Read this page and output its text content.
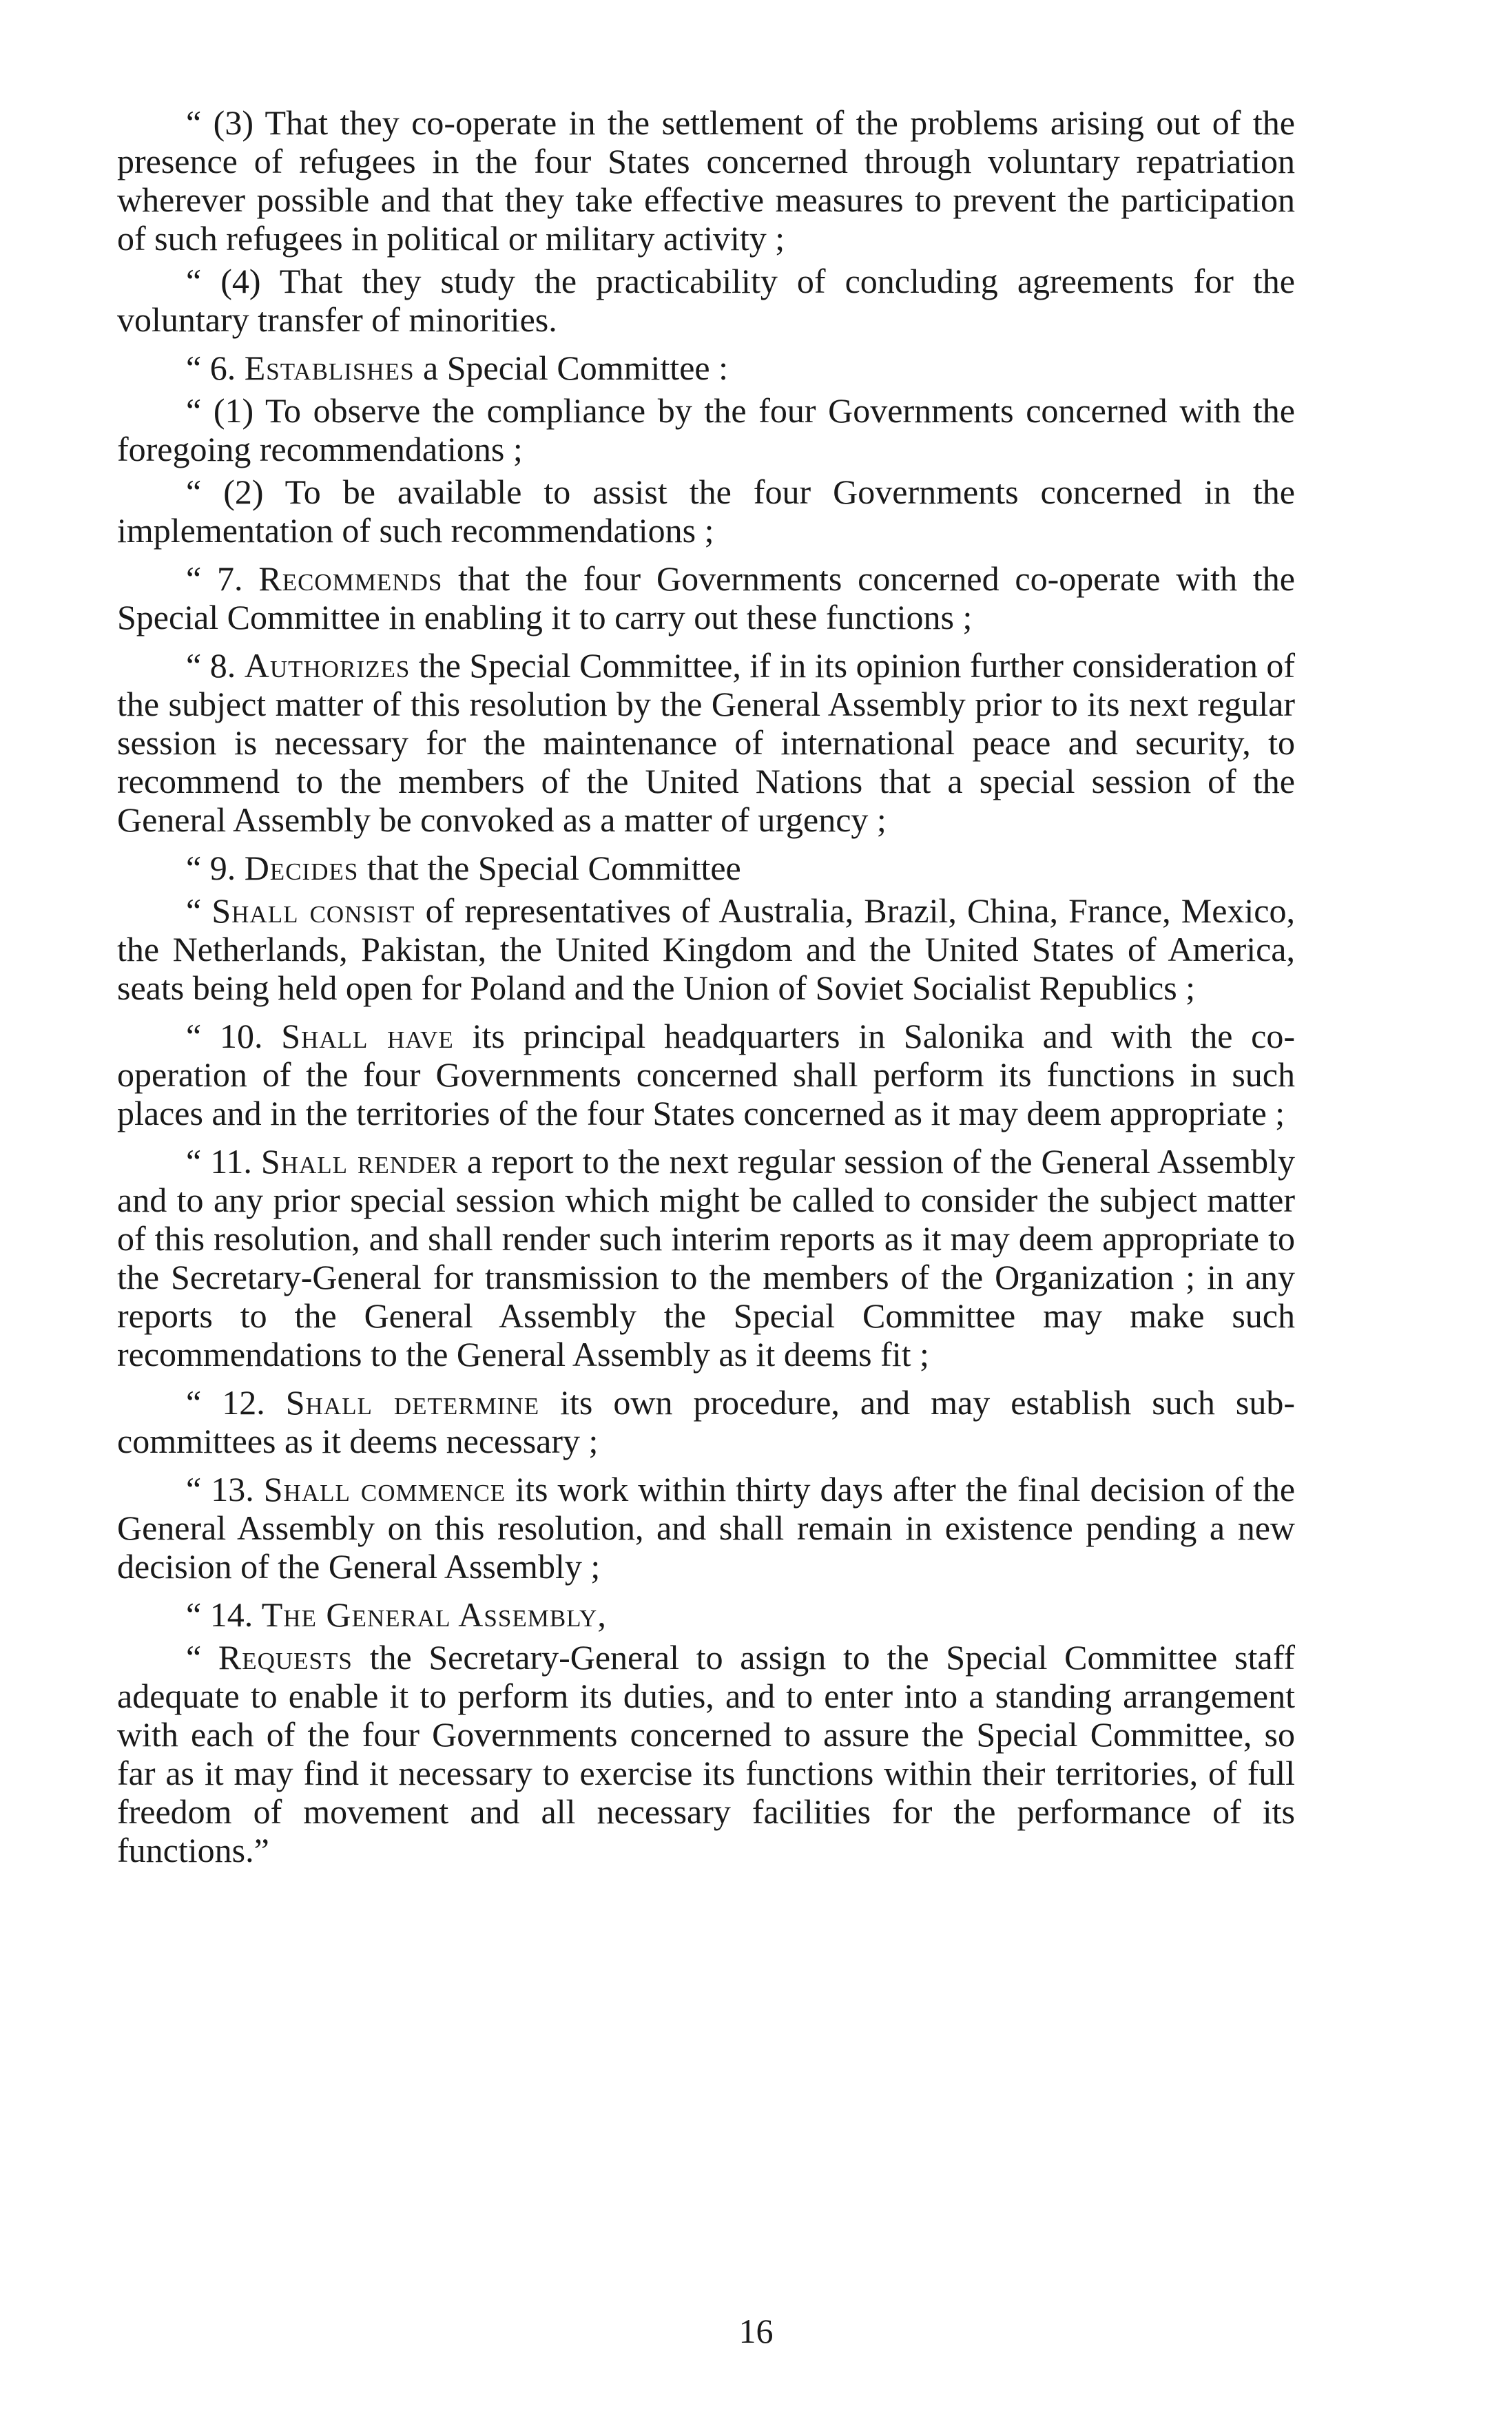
“ (3) That they co-operate in the settlement of the problems arising out of the presence of refugees in the four States concerned through voluntary repatriation wherever possible and that they take effective measures to prevent the participation of such refugees in political or military activity ;

“ (4) That they study the practicability of concluding agreements for the voluntary transfer of minorities.

“ 6. Establishes a Special Committee :

“ (1) To observe the compliance by the four Governments concerned with the foregoing recommendations ;

“ (2) To be available to assist the four Governments concerned in the implementation of such recommendations ;

“ 7. Recommends that the four Governments concerned co-operate with the Special Committee in enabling it to carry out these functions ;

“ 8. Authorizes the Special Committee, if in its opinion further consideration of the subject matter of this resolution by the General Assembly prior to its next regular session is necessary for the maintenance of international peace and security, to recommend to the members of the United Nations that a special session of the General Assembly be convoked as a matter of urgency ;

“ 9. Decides that the Special Committee

“ Shall consist of representatives of Australia, Brazil, China, France, Mexico, the Netherlands, Pakistan, the United Kingdom and the United States of America, seats being held open for Poland and the Union of Soviet Socialist Republics ;

“ 10. Shall have its principal headquarters in Salonika and with the co-operation of the four Governments concerned shall perform its functions in such places and in the territories of the four States concerned as it may deem appropriate ;

“ 11. Shall render a report to the next regular session of the General Assembly and to any prior special session which might be called to consider the subject matter of this resolution, and shall render such interim reports as it may deem appropriate to the Secretary-General for transmission to the members of the Organization ; in any reports to the General Assembly the Special Committee may make such recommendations to the General Assembly as it deems fit ;

“ 12. Shall determine its own procedure, and may establish such sub-committees as it deems necessary ;

“ 13. Shall commence its work within thirty days after the final decision of the General Assembly on this resolution, and shall remain in existence pending a new decision of the General Assembly ;

“ 14. The General Assembly,

“ Requests the Secretary-General to assign to the Special Committee staff adequate to enable it to perform its duties, and to enter into a standing arrangement with each of the four Governments concerned to assure the Special Committee, so far as it may find it necessary to exercise its functions within their territories, of full freedom of movement and all necessary facilities for the performance of its functions.”

16
